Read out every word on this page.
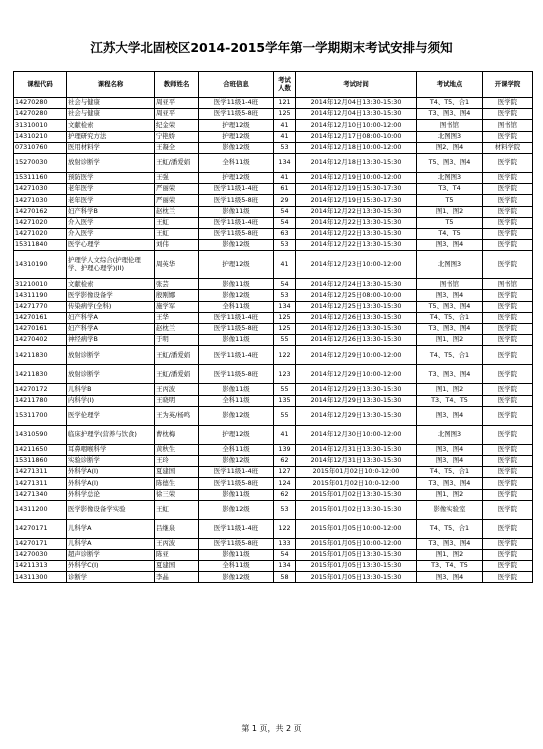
江苏大学北固校区2014-2015学年第一学期期末考试安排与须知
课程代码	课程名称	教师姓名	合班信息	考试人数	考试时间	考试地点	开课学院
14270280	社会与健康	周亚平	医学11级1-4班	121	2014年12月04日13:30-15:30	T4、T5、合1	医学院
14270280	社会与健康	周亚平	医学11级5-8班	125	2014年12月04日13:30-15:30	T3、图3、图4	医学院
31310010	文献检索	纪金荣	护理12级	41	2014年12月10日10:00-12:00	图书馆	图书馆
14310210	护理研究方法	宁艳娇	护理12级	41	2014年12月17日08:00-10:00	北图图3	医学院
07310760	医用材料学	王凝全	影像12级	53	2014年12月18日10:00-12:00	图2、图4	材料学院
15270030	放射诊断学	王虹/潘爱娟	全科11级	134	2014年12月18日13:30-15:30	T5、图3、图4	医学院
15311160	预防医学	王强	护理12级	41	2014年12月19日10:00-12:00	北图图3	医学院
14271030	老年医学	严丽荣	医学11级1-4班	61	2014年12月19日15:30-17:30	T3、T4	医学院
14271030	老年医学	严丽荣	医学11级5-8班	29	2014年12月19日15:30-17:30	T5	医学院
14270162	妇产科学B	赵枕兰	影像11级	54	2014年12月22日13:30-15:30	图1、图2	医学院
14271020	介入医学	王虹	医学11级1-4班	54	2014年12月22日13:30-15:30	T5	医学院
14271020	介入医学	王虹	医学11级5-8班	63	2014年12月22日13:30-15:30	T4、T5	医学院
15311840	医学心理学	刘伟	影像12级	53	2014年12月22日13:30-15:30	图3、图4	医学院
14310190	护理学人文综合(护理伦理学、护理心理学)(II)	周英华	护理12级	41	2014年12月23日10:00-12:00	北图图3	医学院
31210010	文献检索	张芸	影像11级	54	2014年12月24日13:30-15:30	图书馆	图书馆
14311190	医学影像设备学	殷刚娜	影像12级	53	2014年12月25日08:00-10:00	图3、图4	医学院
14271770	传染病学(全科)	施学军	全科11级	134	2014年12月25日13:30-15:30	T5、图3、图4	医学院
14270161	妇产科学A	王华	医学11级1-4班	125	2014年12月26日13:30-15:30	T4、T5、合1	医学院
14270161	妇产科学A	赵枕兰	医学11级5-8班	125	2014年12月26日13:30-15:30	T3、图3、图4	医学院
14270402	神经病学B	于明	影像11级	55	2014年12月26日13:30-15:30	图1、图2	医学院
14211830	放射诊断学	王虹/潘爱娟	医学11级1-4班	122	2014年12月29日10:00-12:00	T4、T5、合1	医学院
14211830	放射诊断学	王虹/潘爱娟	医学11级5-8班	123	2014年12月29日10:00-12:00	T3、图3、图4	医学院
14270172	儿科学B	王丙波	影像11级	55	2014年12月29日13:30-15:30	图1、图2	医学院
14211780	内科学(I)	王晓明	全科11级	135	2014年12月29日13:30-15:30	T3、T4、T5	医学院
15311700	医学伦理学	王为英/杨鸣	影像12级	55	2014年12月29日13:30-15:30	图3、图4	医学院
14310590	临床护理学(营养与饮食)	曹枕梅	护理12级	41	2014年12月30日10:00-12:00	北图图3	医学院
14211650	耳鼻咽喉科学	黄秋生	全科11级	139	2014年12月31日13:30-15:30	图3、图4	医学院
15311860	实验诊断学	王玲	影像12级	62	2014年12月31日13:30-15:30	图3、图4	医学院
14271311	外科学A(I)	夏建国	医学11级1-4班	127	2015年01月02日10:0-12:00	T4、T5、合1	医学院
14271311	外科学A(I)	陈德生	医学11级5-8班	124	2015年01月02日10:0-12:00	T3、图3、图4	医学院
14271340	外科学总论	徐三荣	影像11级	62	2015年01月02日13:30-15:30	图1、图2	医学院
14311200	医学影像设备学实验	王虹	影像12级	53	2015年01月02日13:30-15:30	影像实验室	医学院
14270171	儿科学A	吕继泉	医学11级1-4班	122	2015年01月05日10:00-12:00	T4、T5、合1	医学院
14270171	儿科学A	王丙波	医学11级5-8班	133	2015年01月05日10:00-12:00	T3、图3、图4	医学院
14270030	超声诊断学	陈亚	影像11级	54	2015年01月05日13:30-15:30	图1、图2	医学院
14211313	外科学C(I)	夏建国	全科11级	134	2015年01月05日13:30-15:30	T3、T4、T5	医学院
14311300	诊断学	李晶	影像12级	58	2015年01月05日13:30-15:30	图3、图4	医学院
第 1 页，共 2 页
